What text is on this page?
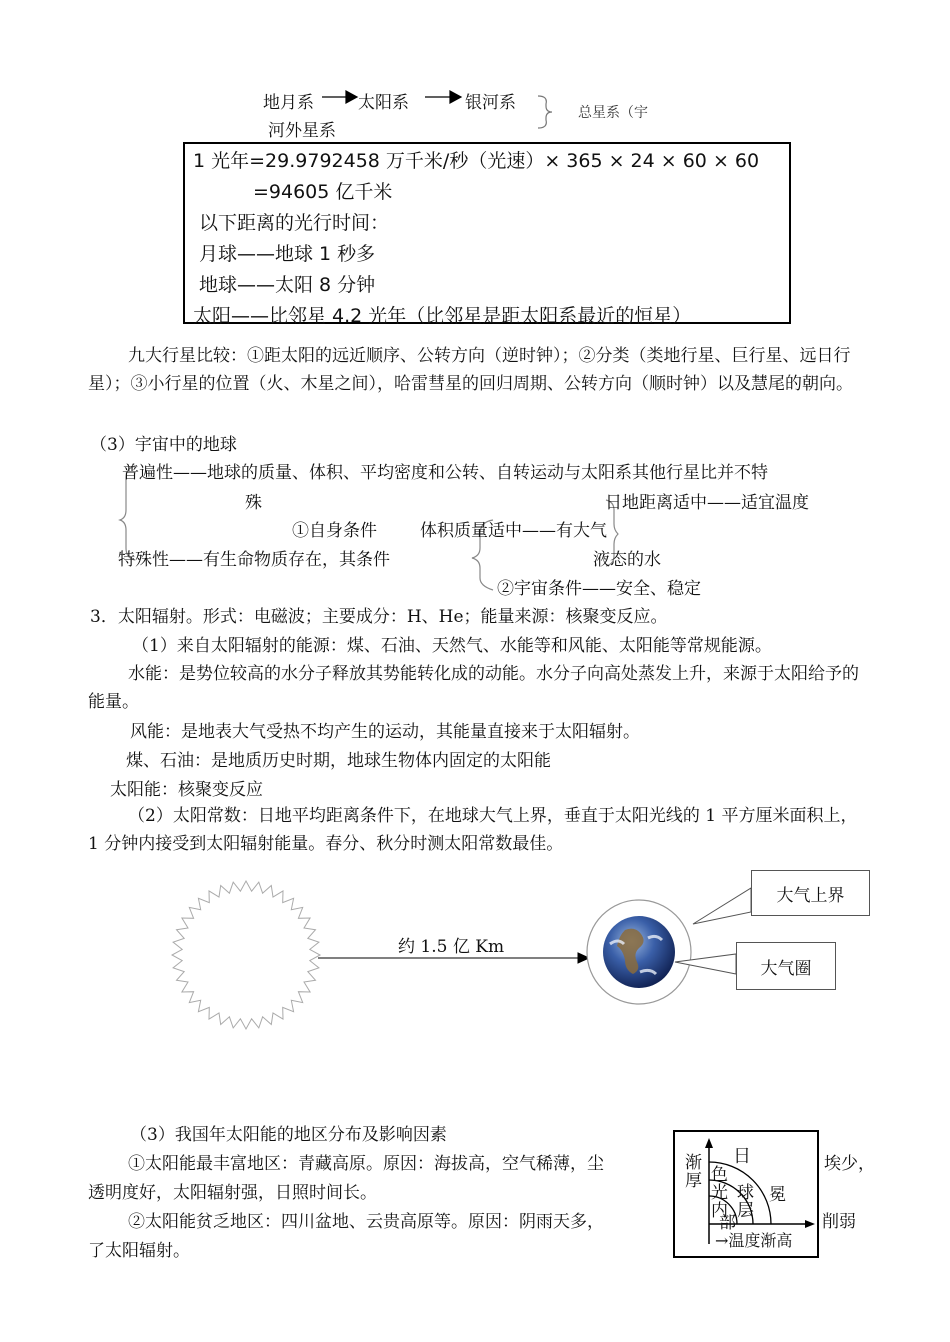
地月系	太阳系	银河系
河外星系
总星系（宇
大气上界
大气圈
约 1.5 亿 Km
1 光年=29.9792458 万千米/秒（光速）× 365 × 24 × 60 × 60
=94605 亿千米
以下距离的光行时间：
月球——地球 1 秒多
地球——太阳 8 分钟
太阳——比邻星 4.2 光年（比邻星是距太阳系最近的恒星）
九大行星比较：①距太阳的远近顺序、公转方向（逆时钟）；②分类（类地行星、巨行星、远日行星）；③小行星的位置（火、木星之间），哈雷彗星的回归周期、公转方向（顺时钟）以及慧尾的朝向。
（3）宇宙中的地球
普遍性——地球的质量、体积、平均密度和公转、自转运动与太阳系其他行星比并不特
殊	日地距离适中——适宜温度
①自身条件	体积质量适中——有大气
特殊性——有生命物质存在，其条件	液态的水
②宇宙条件——安全、稳定
3．太阳辐射。形式：电磁波；主要成分：H、He；能量来源：核聚变反应。
（1）来自太阳辐射的能源：煤、石油、天然气、水能等和风能、太阳能等常规能源。
水能：是势位较高的水分子释放其势能转化成的动能。水分子向高处蒸发上升，来源于太阳给予的能量。
风能：是地表大气受热不均产生的运动，其能量直接来于太阳辐射。
煤、石油：是地质历史时期，地球生物体内固定的太阳能
太阳能：核聚变反应
（2）太阳常数：日地平均距离条件下，在地球大气上界，垂直于太阳光线的 1 平方厘米面积上，1 分钟内接受到太阳辐射能量。春分、秋分时测太阳常数最佳。
（3）我国年太阳能的地区分布及影响因素
①太阳能最丰富地区：青藏高原。原因：海拔高，空气稀薄，尘	埃少，
透明度好，太阳辐射强，日照时间长。
②太阳能贫乏地区：四川盆地、云贵高原等。原因：阴雨天多，	削弱
了太阳辐射。
日
渐厚 色
光
内
球
部
层
冕
→温度渐高
